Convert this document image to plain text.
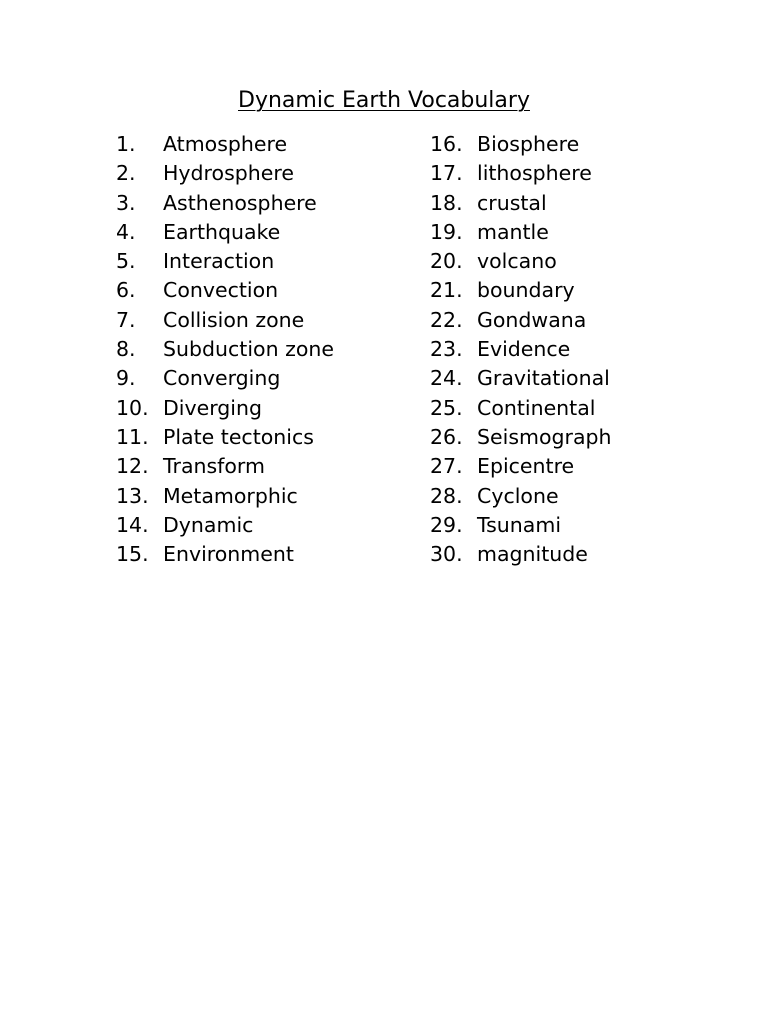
Dynamic Earth Vocabulary
1.	Atmosphere
2.	Hydrosphere
3.	Asthenosphere
4.	Earthquake
5.	Interaction
6.	Convection
7.	Collision zone
8.	Subduction zone
9.	Converging
10. Diverging
11. Plate tectonics
12. Transform
13. Metamorphic
14. Dynamic
15. Environment
16. Biosphere
17. lithosphere
18. crustal
19. mantle
20. volcano
21. boundary
22. Gondwana
23. Evidence
24. Gravitational
25. Continental
26. Seismograph
27. Epicentre
28. Cyclone
29. Tsunami
30. magnitude
